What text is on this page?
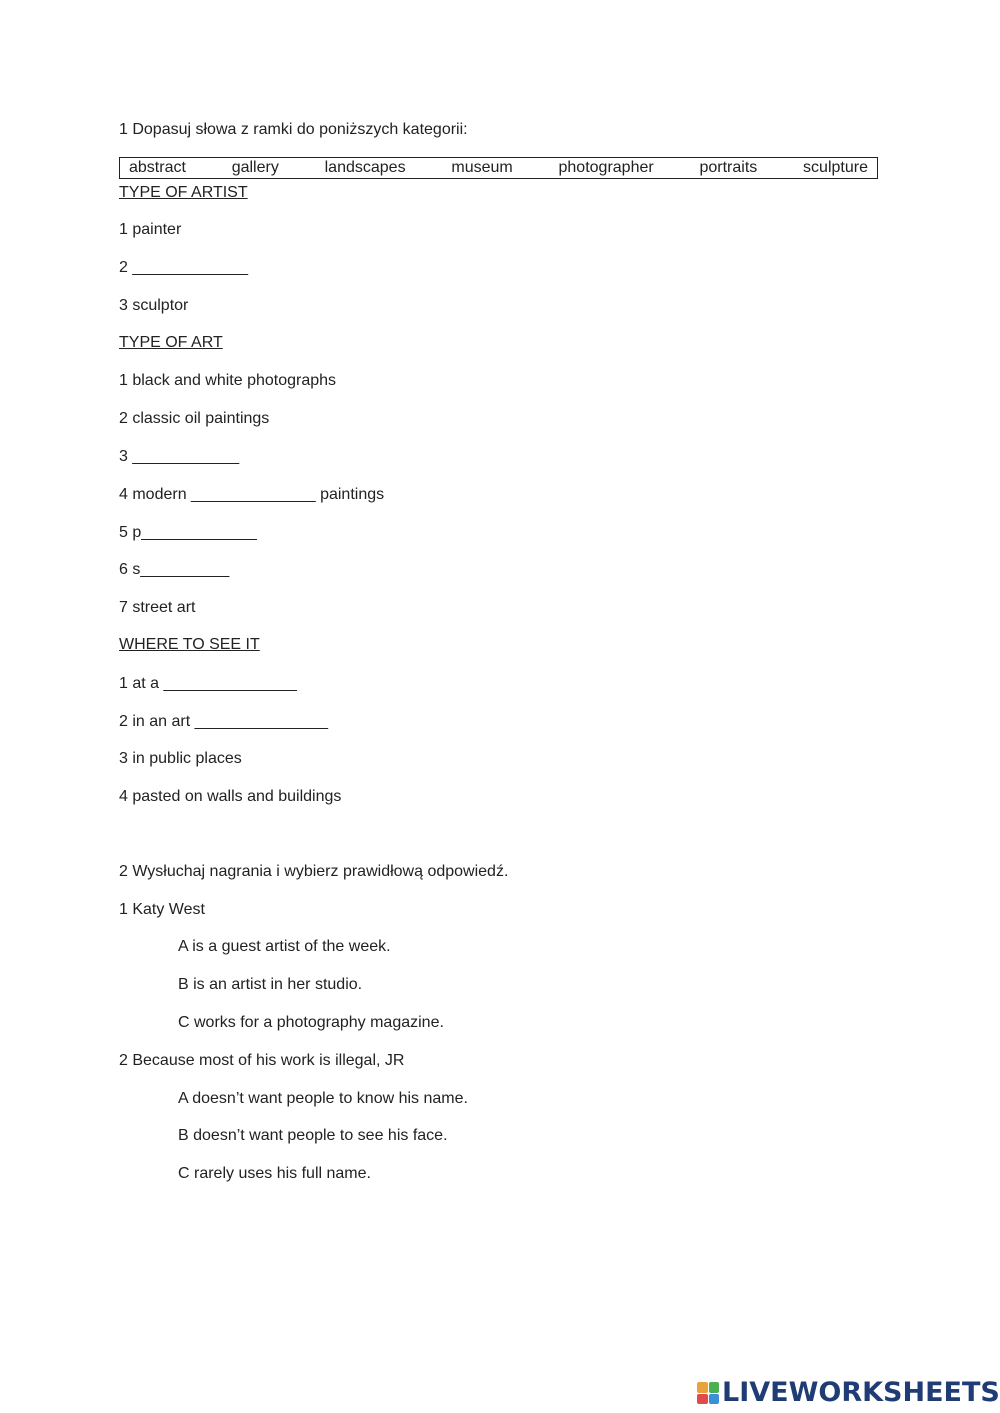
1 Dopasuj słowa z ramki do poniższych kategorii:
abstract	gallery	landscapes	museum	photographer	portraits	sculpture
TYPE OF ARTIST
1 painter
2 _____________
3 sculptor
TYPE OF ART
1 black and white photographs
2 classic oil paintings
3 ____________
4 modern ______________ paintings
5 p_____________
6 s__________
7 street art
WHERE TO SEE IT
1 at a _______________
2 in an art _______________
3 in public places
4 pasted on walls and buildings
2 Wysłuchaj nagrania i wybierz prawidłową odpowiedź.
1 Katy West
A is a guest artist of the week.
B is an artist in her studio.
C works for a photography magazine.
2 Because most of his work is illegal, JR
A doesn’t want people to know his name.
B doesn’t want people to see his face.
C rarely uses his full name.
LIVEWORKSHEETS
